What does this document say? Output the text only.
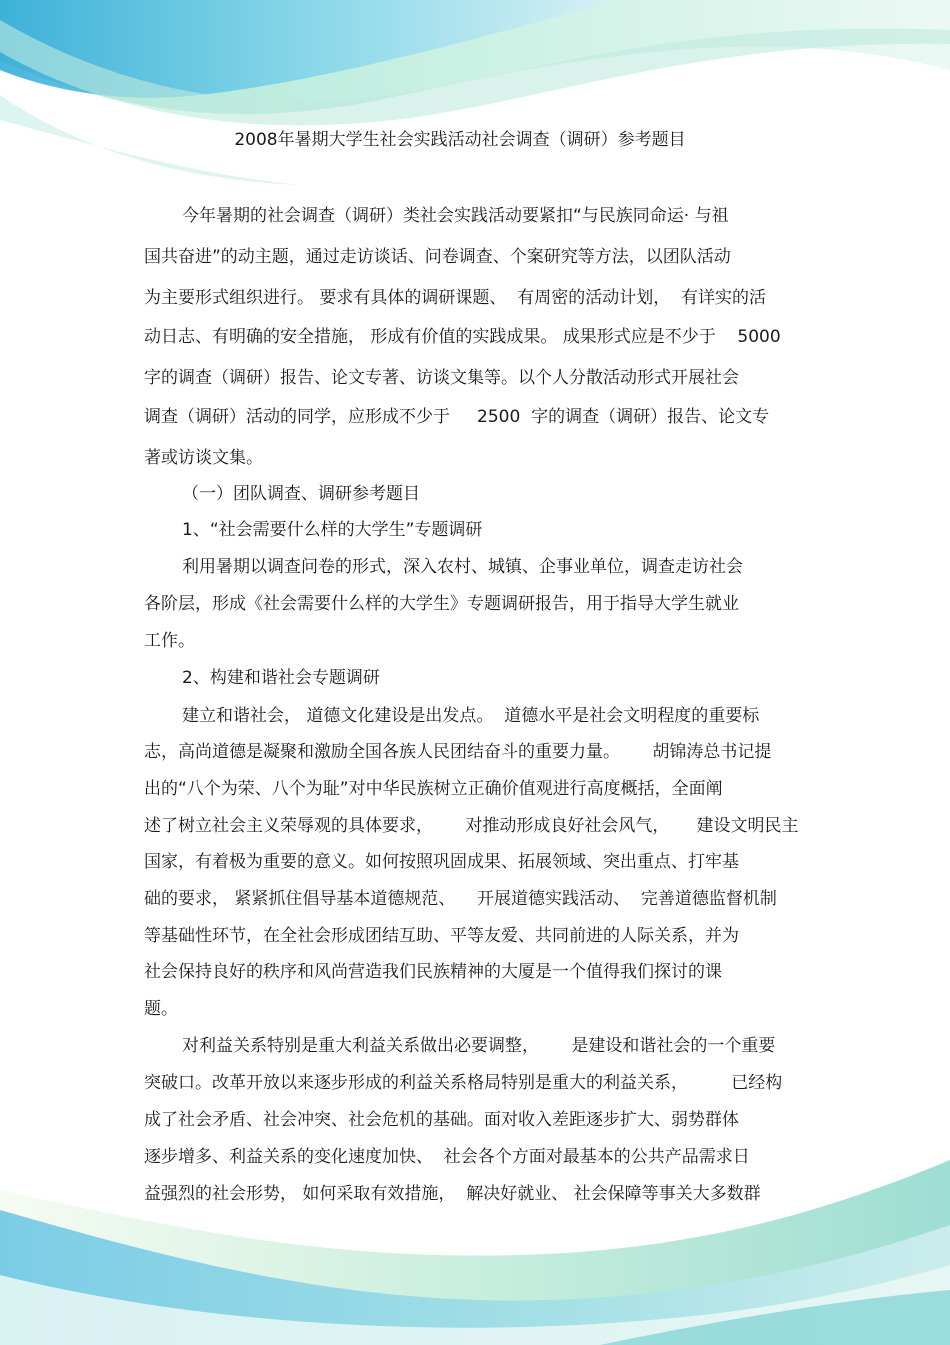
2008年暑期大学生社会实践活动社会调查（调研）参考题目
今年暑期的社会调查（调研）类社会实践活动要紧扣“与民族同命运· 与祖
国共奋进”的动主题，通过走访谈话、问卷调查、个案研究等方法，以团队活动
为主要形式组织进行。 要求有具体的调研课题、  有周密的活动计划，  有详实的活
动日志、有明确的安全措施， 形成有价值的实践成果。 成果形式应是不少于    5000
字的调查（调研）报告、论文专著、访谈文集等。以个人分散活动形式开展社会
调查（调研）活动的同学，应形成不少于     2500  字的调查（调研）报告、论文专
著或访谈文集。
（一）团队调查、调研参考题目
1、“社会需要什么样的大学生”专题调研
利用暑期以调查问卷的形式，深入农村、城镇、企事业单位，调查走访社会
各阶层，形成《社会需要什么样的大学生》专题调研报告，用于指导大学生就业
工作。
2、构建和谐社会专题调研
建立和谐社会， 道德文化建设是出发点。  道德水平是社会文明程度的重要标
志，高尚道德是凝聚和激励全国各族人民团结奋斗的重要力量。      胡锦涛总书记提
出的“八个为荣、八个为耻”对中华民族树立正确价值观进行高度概括，全面阐
述了树立社会主义荣辱观的具体要求，      对推动形成良好社会风气，     建设文明民主
国家，有着极为重要的意义。如何按照巩固成果、拓展领域、突出重点、打牢基
础的要求， 紧紧抓住倡导基本道德规范、    开展道德实践活动、  完善道德监督机制
等基础性环节，在全社会形成团结互助、平等友爱、共同前进的人际关系，并为
社会保持良好的秩序和风尚营造我们民族精神的大厦是一个值得我们探讨的课
题。
对利益关系特别是重大利益关系做出必要调整，      是建设和谐社会的一个重要
突破口。改革开放以来逐步形成的利益关系格局特别是重大的利益关系，        已经构
成了社会矛盾、社会冲突、社会危机的基础。面对收入差距逐步扩大、弱势群体
逐步增多、利益关系的变化速度加快、  社会各个方面对最基本的公共产品需求日
益强烈的社会形势， 如何采取有效措施，  解决好就业、 社会保障等事关大多数群
